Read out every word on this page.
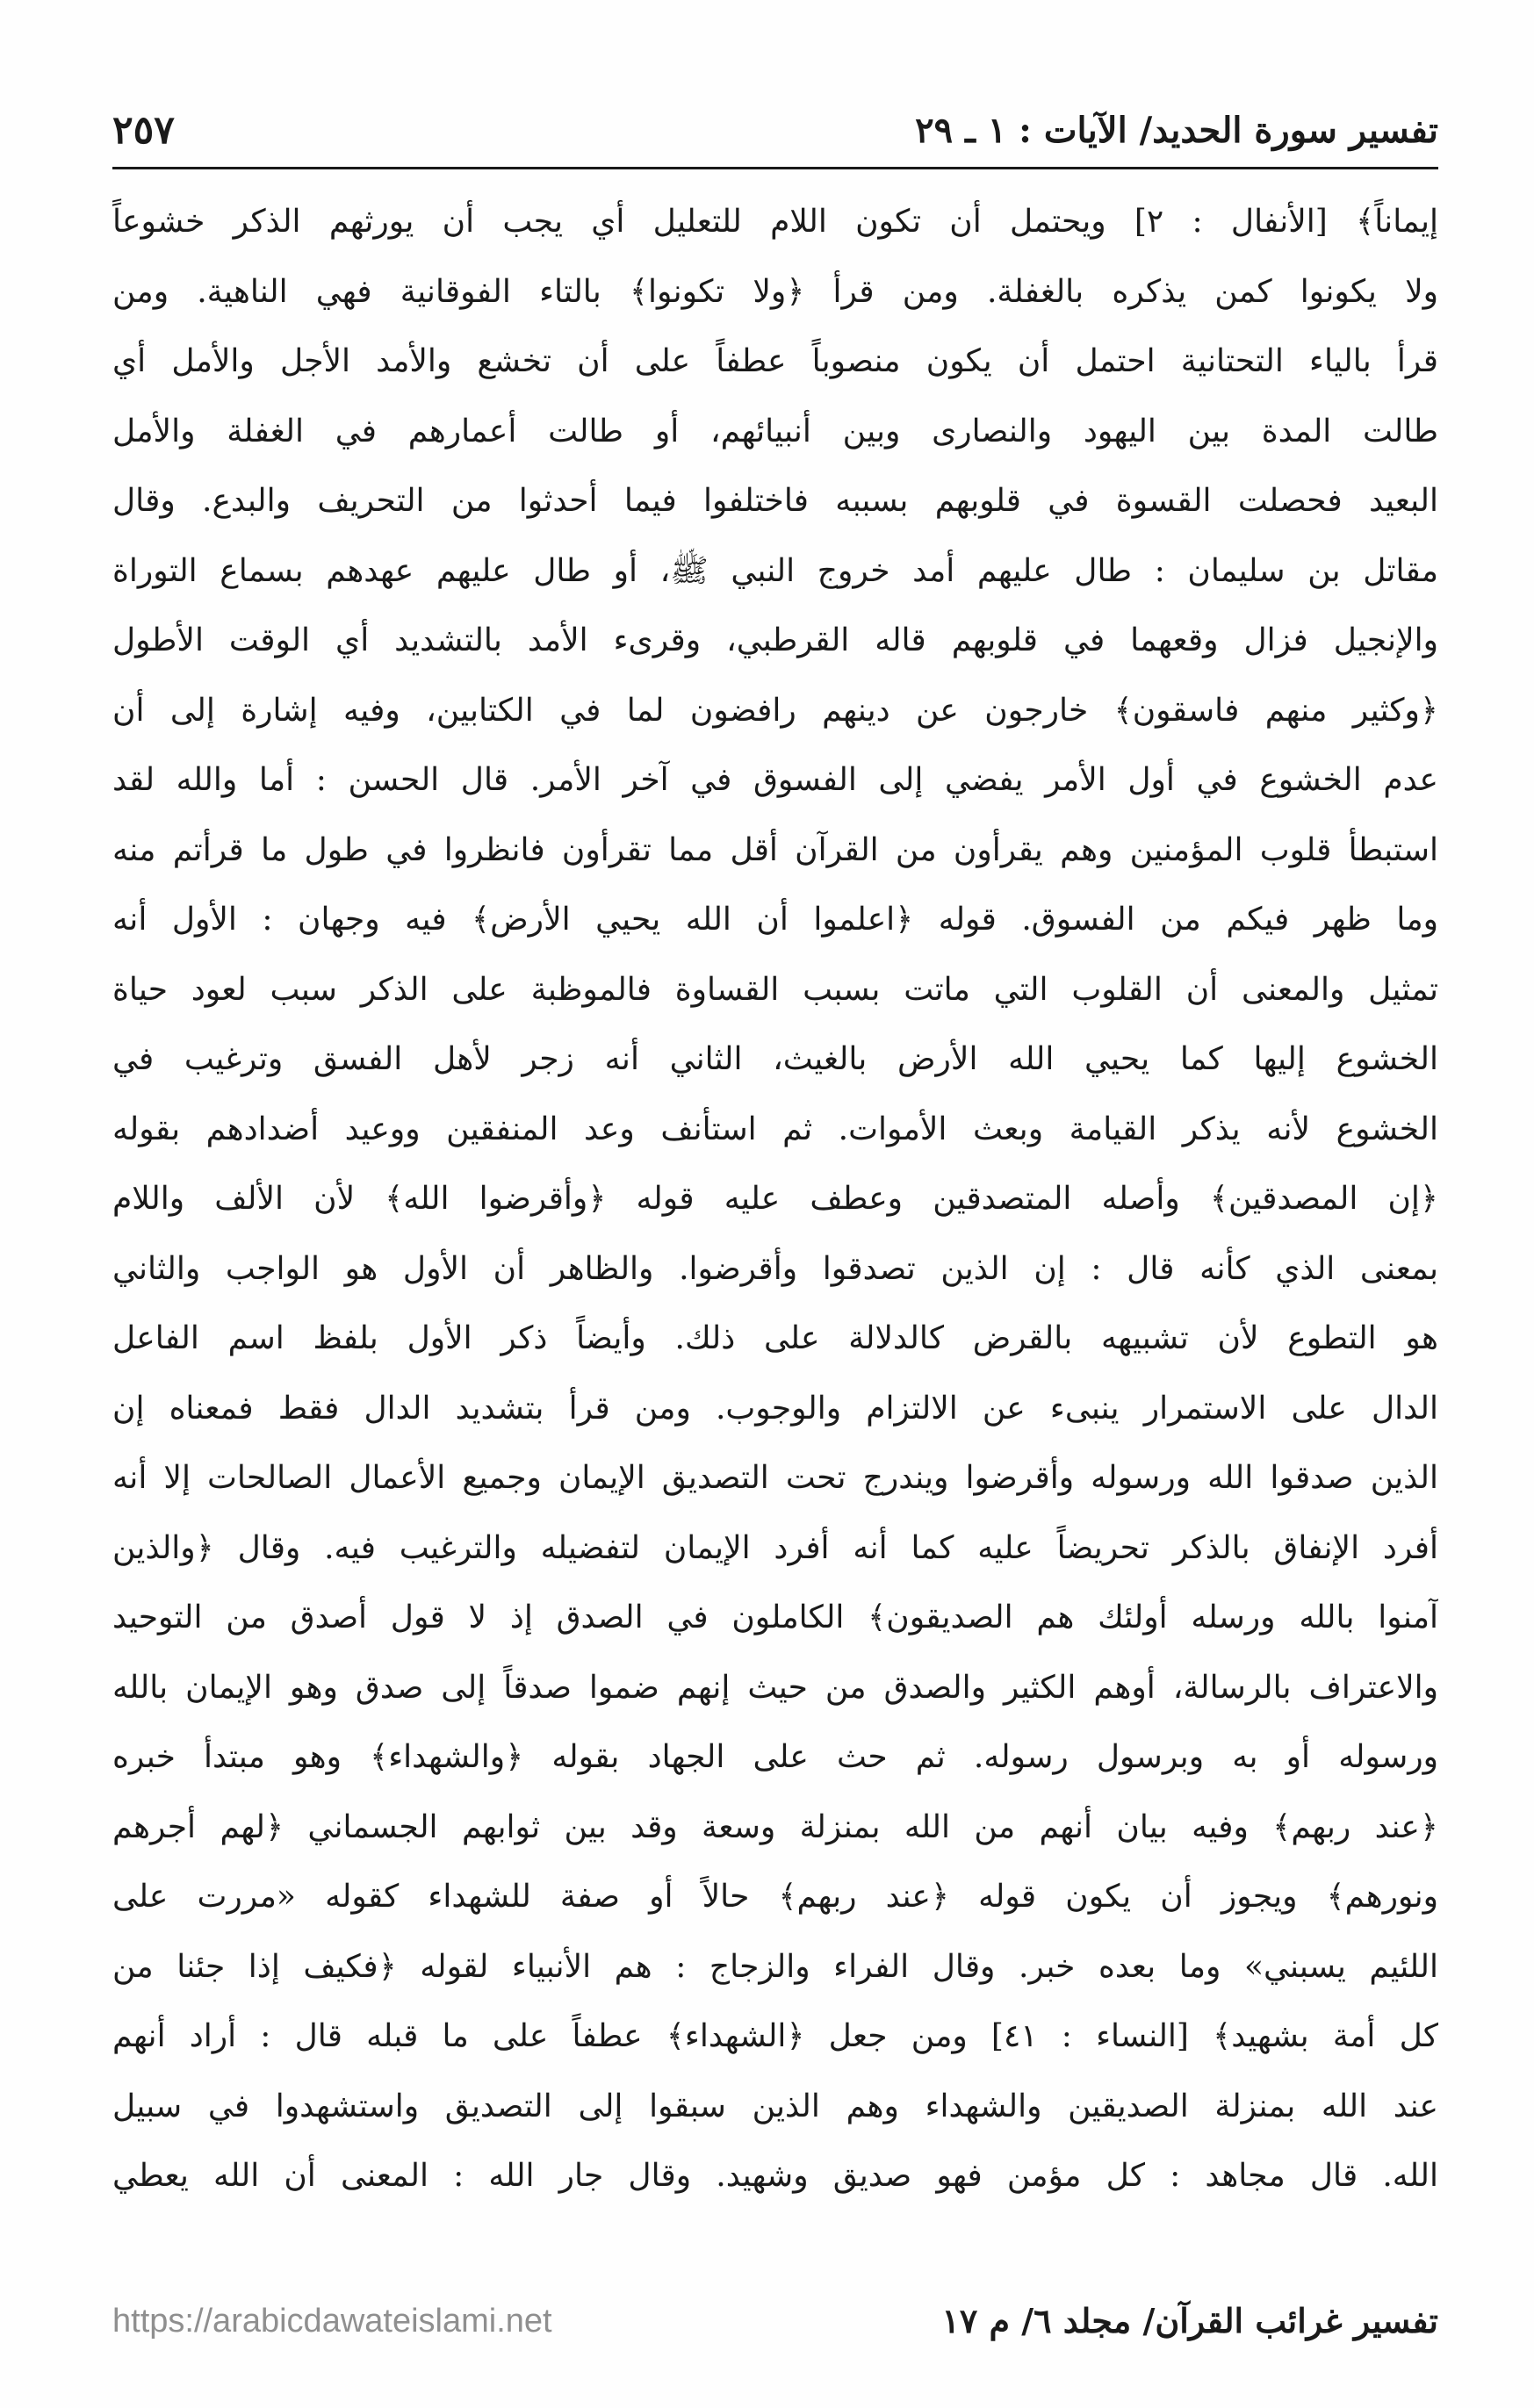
تفسير سورة الحديد/ الآيات : ١ ـ ٢٩
٢٥٧
إيماناً﴾ [الأنفال : ٢] ويحتمل أن تكون اللام للتعليل أي يجب أن يورثهم الذكر خشوعاً
ولا يكونوا كمن يذكره بالغفلة. ومن قرأ ﴿ولا تكونوا﴾ بالتاء الفوقانية فهي الناهية. ومن
قرأ بالياء التحتانية احتمل أن يكون منصوباً عطفاً على أن تخشع والأمد الأجل والأمل أي
طالت المدة بين اليهود والنصارى وبين أنبيائهم، أو طالت أعمارهم في الغفلة والأمل
البعيد فحصلت القسوة في قلوبهم بسببه فاختلفوا فيما أحدثوا من التحريف والبدع. وقال
مقاتل بن سليمان : طال عليهم أمد خروج النبي ﷺ، أو طال عليهم عهدهم بسماع التوراة
والإنجيل فزال وقعهما في قلوبهم قاله القرطبي، وقرىء الأمد بالتشديد أي الوقت الأطول
﴿وكثير منهم فاسقون﴾ خارجون عن دينهم رافضون لما في الكتابين، وفيه إشارة إلى أن
عدم الخشوع في أول الأمر يفضي إلى الفسوق في آخر الأمر. قال الحسن : أما والله لقد
استبطأ قلوب المؤمنين وهم يقرأون من القرآن أقل مما تقرأون فانظروا في طول ما قرأتم منه
وما ظهر فيكم من الفسوق. قوله ﴿اعلموا أن الله يحيي الأرض﴾ فيه وجهان : الأول أنه
تمثيل والمعنى أن القلوب التي ماتت بسبب القساوة فالموظبة على الذكر سبب لعود حياة
الخشوع إليها كما يحيي الله الأرض بالغيث، الثاني أنه زجر لأهل الفسق وترغيب في
الخشوع لأنه يذكر القيامة وبعث الأموات. ثم استأنف وعد المنفقين ووعيد أضدادهم بقوله
﴿إن المصدقين﴾ وأصله المتصدقين وعطف عليه قوله ﴿وأقرضوا الله﴾ لأن الألف واللام
بمعنى الذي كأنه قال : إن الذين تصدقوا وأقرضوا. والظاهر أن الأول هو الواجب والثاني
هو التطوع لأن تشبيهه بالقرض كالدلالة على ذلك. وأيضاً ذكر الأول بلفظ اسم الفاعل
الدال على الاستمرار ينبىء عن الالتزام والوجوب. ومن قرأ بتشديد الدال فقط فمعناه إن
الذين صدقوا الله ورسوله وأقرضوا ويندرج تحت التصديق الإيمان وجميع الأعمال الصالحات إلا أنه
أفرد الإنفاق بالذكر تحريضاً عليه كما أنه أفرد الإيمان لتفضيله والترغيب فيه. وقال ﴿والذين
آمنوا بالله ورسله أولئك هم الصديقون﴾ الكاملون في الصدق إذ لا قول أصدق من التوحيد
والاعتراف بالرسالة، أوهم الكثير والصدق من حيث إنهم ضموا صدقاً إلى صدق وهو الإيمان بالله
ورسوله أو به وبرسول رسوله. ثم حث على الجهاد بقوله ﴿والشهداء﴾ وهو مبتدأ خبره
﴿عند ربهم﴾ وفيه بيان أنهم من الله بمنزلة وسعة وقد بين ثوابهم الجسماني ﴿لهم أجرهم
ونورهم﴾ ويجوز أن يكون قوله ﴿عند ربهم﴾ حالاً أو صفة للشهداء كقوله «مررت على
اللئيم يسبني» وما بعده خبر. وقال الفراء والزجاج : هم الأنبياء لقوله ﴿فكيف إذا جئنا من
كل أمة بشهيد﴾ [النساء : ٤١] ومن جعل ﴿الشهداء﴾ عطفاً على ما قبله قال : أراد أنهم
عند الله بمنزلة الصديقين والشهداء وهم الذين سبقوا إلى التصديق واستشهدوا في سبيل
الله. قال مجاهد : كل مؤمن فهو صديق وشهيد. وقال جار الله : المعنى أن الله يعطي
تفسير غرائب القرآن/ مجلد ٦/ م ١٧
https://arabicdawateislami.net
